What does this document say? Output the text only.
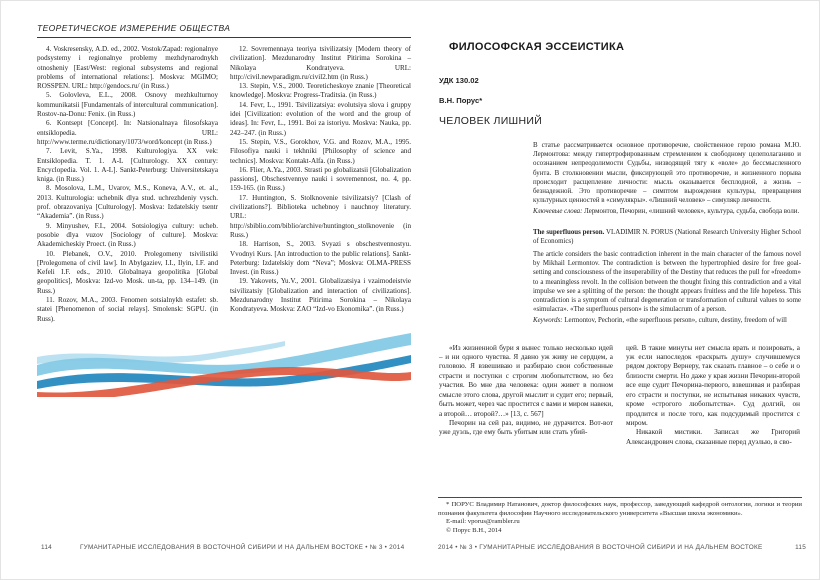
ТЕОРЕТИЧЕСКОЕ ИЗМЕРЕНИЕ ОБЩЕСТВА

4. Voskresensky, A.D. ed., 2002. Vostok/Zapad: regionalnye podsystemy i regionalnye problemy mezhdynarodnykh otnosheniy [East/West: regional subsystems and regional problems of international relations:]. Moskva: MGIMO; ROSSPEN. URL: http://gendocs.ru/ (in Russ.)

5. Golovleva, E.L., 2008. Osnovy mezhkulturnoy kommunikatsii [Fundamentals of intercultural communication]. Rostov-na-Donu: Fenix. (in Russ.)

6. Kontsept [Concept]. In: Natsionalnaya filosofskaya entsiklopedia. URL: http://www.terme.ru/dictionary/1073/word/koncept (in Russ.)

7. Levit, S.Ya., 1998. Kulturologiya. XX vek: Entsiklopedia. T. 1. A-L [Culturology. XX century: Encyclopedia. Vol. 1. A-L]. Sankt-Peterburg: Universitetskaya kniga. (in Russ.)

8. Mosolova, L.M., Uvarov, M.S., Koneva, A.V., et. al., 2013. Kulturologia: uchebnik dlya stud. uchrezhdeniy vysch. prof. obrazovaniya [Culturology]. Moskva: Izdatelskiy tsentr “Akademia”. (in Russ.)

9. Minyushev, F.I., 2004. Sotsiologiya cultury: ucheb. posobie dlya vuzov [Sociology of culture]. Moskva: Akademicheskiy Proect. (in Russ.)

10. Plebanek, O.V., 2010. Prolegomeny tsivilistiki [Prolegomena of civil law]. In Abylgaziev, I.I., Ilyin, I.F. and Kefeli I.F. eds., 2010. Globalnaya geopolitika [Global geopolitics], Moskva: Izd-vo Mosk. un-ta, pp. 134–149. (in Russ.)

11. Rozov, M.A., 2003. Fenomen sotsialnykh estafet: sb. statei [Phenomenon of social relays]. Smolensk: SGPU. (in Russ).

12. Sovremennaya teoriya tsivilizatsiy [Modern theory of civilization]. Mezdunarodny Institut Pitirima Sorokina – Nikolaya Kondratyeva. URL: http://civil.newparadigm.ru/civil2.htm (in Russ.)

13. Stepin, V.S., 2000. Teoreticheskoye znanie [Theoretical knowledge]. Moskva: Progress-Traditsia. (in Russ.)

14. Fevr, L., 1991. Tsivilizatsiya: evolutsiya slova i gruppy idei [Civilization: evolution of the word and the group of ideas]. In: Fevr, L., 1991. Boi za istoriyu. Moskva: Nauka, pp. 242–247. (in Russ.)

15. Stepin, V.S., Gorokhov, V.G. and Rozov, M.A., 1995. Filosofiya nauki i tekhniki [Philosophy of science and technics]. Moskva: Kontakt-Alfa. (in Russ.)

16. Flier, A.Ya., 2003. Strasti po globalizatsii [Globalization passions], Obschestvennye nauki i sovremennost, no. 4, pp. 159-165. (in Russ.)

17. Huntington, S. Stolknovenie tsivilizatsiy? [Clash of civilizations?]. Biblioteka uchebnoy i nauchnoy literatury. URL: http://sbiblio.com/biblio/archive/huntington_stolknovenie (in Russ.)

18. Harrison, S., 2003. Svyazi s obschestvennostyu. Vvodnyi Kurs. [An introduction to the public relations]. Sankt-Peterburg: Izdatelskiy dom “Neva”; Moskva: OLMA-PRESS Invest. (in Russ.)

19. Yakovets, Yu.V., 2001. Globalizatsiya i vzaimodeistvie tsivilizatsiy [Globalization and interaction of civilizations]. Mezdunarodny Institut Pitirima Sorokina – Nikolaya Kondratyeva. Moskva: ZAO “Izd-vo Ekonomika”. (in Russ.)

114	ГУМАНИТАРНЫЕ ИССЛЕДОВАНИЯ В ВОСТОЧНОЙ СИБИРИ И НА ДАЛЬНЕМ ВОСТОКЕ • № 3 • 2014
ФИЛОСОФСКАЯ ЭССЕИСТИКА
УДК 130.02
В.Н. Порус*
ЧЕЛОВЕК ЛИШНИЙ

В статье рассматривается основное противоречие, свойственное герою романа М.Ю. Лермонтова: между гипертрофированным стремлением к свободному целеполаганию и осознанием непреодолимости Судьбы, низводящей тягу к «воле» до бессмысленного бунта. В столкновении мысли, фиксирующей это противоречие, и жизненного порыва происходит расщепление личности: мысль оказывается бесплодной, а жизнь – безнадежной. Это противоречие – симптом вырождения культуры, превращения культурных ценностей в «симулякры». «Лишний человек» – симулякр личности.

Ключевые слова: Лермонтов, Печорин, «лишний человек», культура, судьба, свобода воли.

The superfluous person. VLADIMIR N. PORUS (National Research University Higher School of Economics)

The article considers the basic contradiction inherent in the main character of the famous novel by Mikhail Lermontov. The contradiction is between the hypertrophied desire for free goal-setting and consciousness of the insuperability of the Destiny that reduces the pull for «freedom» to a meaningless revolt. In the collision between the thought fixing this contradiction and a vital impulse we see a splitting of the person: the thought appears fruitless and the life hopeless. This contradiction is a symptom of cultural degeneration or transformation of cultural values to some «simulacra». «The superfluous person» is the simulacrum of a person.

Keywords: Lermontov, Pechorin, «the superfluous person», culture, destiny, freedom of will

«Из жизненной бури я вынес только несколько идей – и ни одного чувства. Я давно уж живу не сердцем, а головою. Я взвешиваю и разбираю свои собственные страсти и поступки с строгим любопытством, но без участия. Во мне два человека: один живет в полном смысле этого слова, другой мыслит и судит его; первый, быть может, через час простится с вами и миром навеки, а второй… второй?…» [13, с. 567]

Печорин на сей раз, видимо, не дурачится. Вот-вот уже дуэль, где ему быть убитым или стать убий-

цей. В такие минуты нет смысла врать и позировать, а уж если напоследок «раскрыть душу» случившемуся рядом доктору Вернеру, так сказать главное – о себе и о близости смерти. Но даже у края жизни Печорин-второй все еще судит Печорина-первого, взвешивая и разбирая его страсти и поступки, не испытывая никаких чувств, кроме «строгого любопытства». Суд долгий, он продлится и после того, как подсудимый простится с миром.

Никакой мистики. Записал же Григорий Александрович слова, сказанные перед дуэлью, в сво-

* ПОРУС Владимир Натанович, доктор философских наук, профессор, заведующий кафедрой онтологии, логики и теории познания факультета философии Научного исследовательского университета «Высшая школа экономики».

E-mail: vporus@rambler.ru

© Порус В.Н., 2014

2014 • № 3 • ГУМАНИТАРНЫЕ ИССЛЕДОВАНИЯ В ВОСТОЧНОЙ СИБИРИ И НА ДАЛЬНЕМ ВОСТОКЕ	115
